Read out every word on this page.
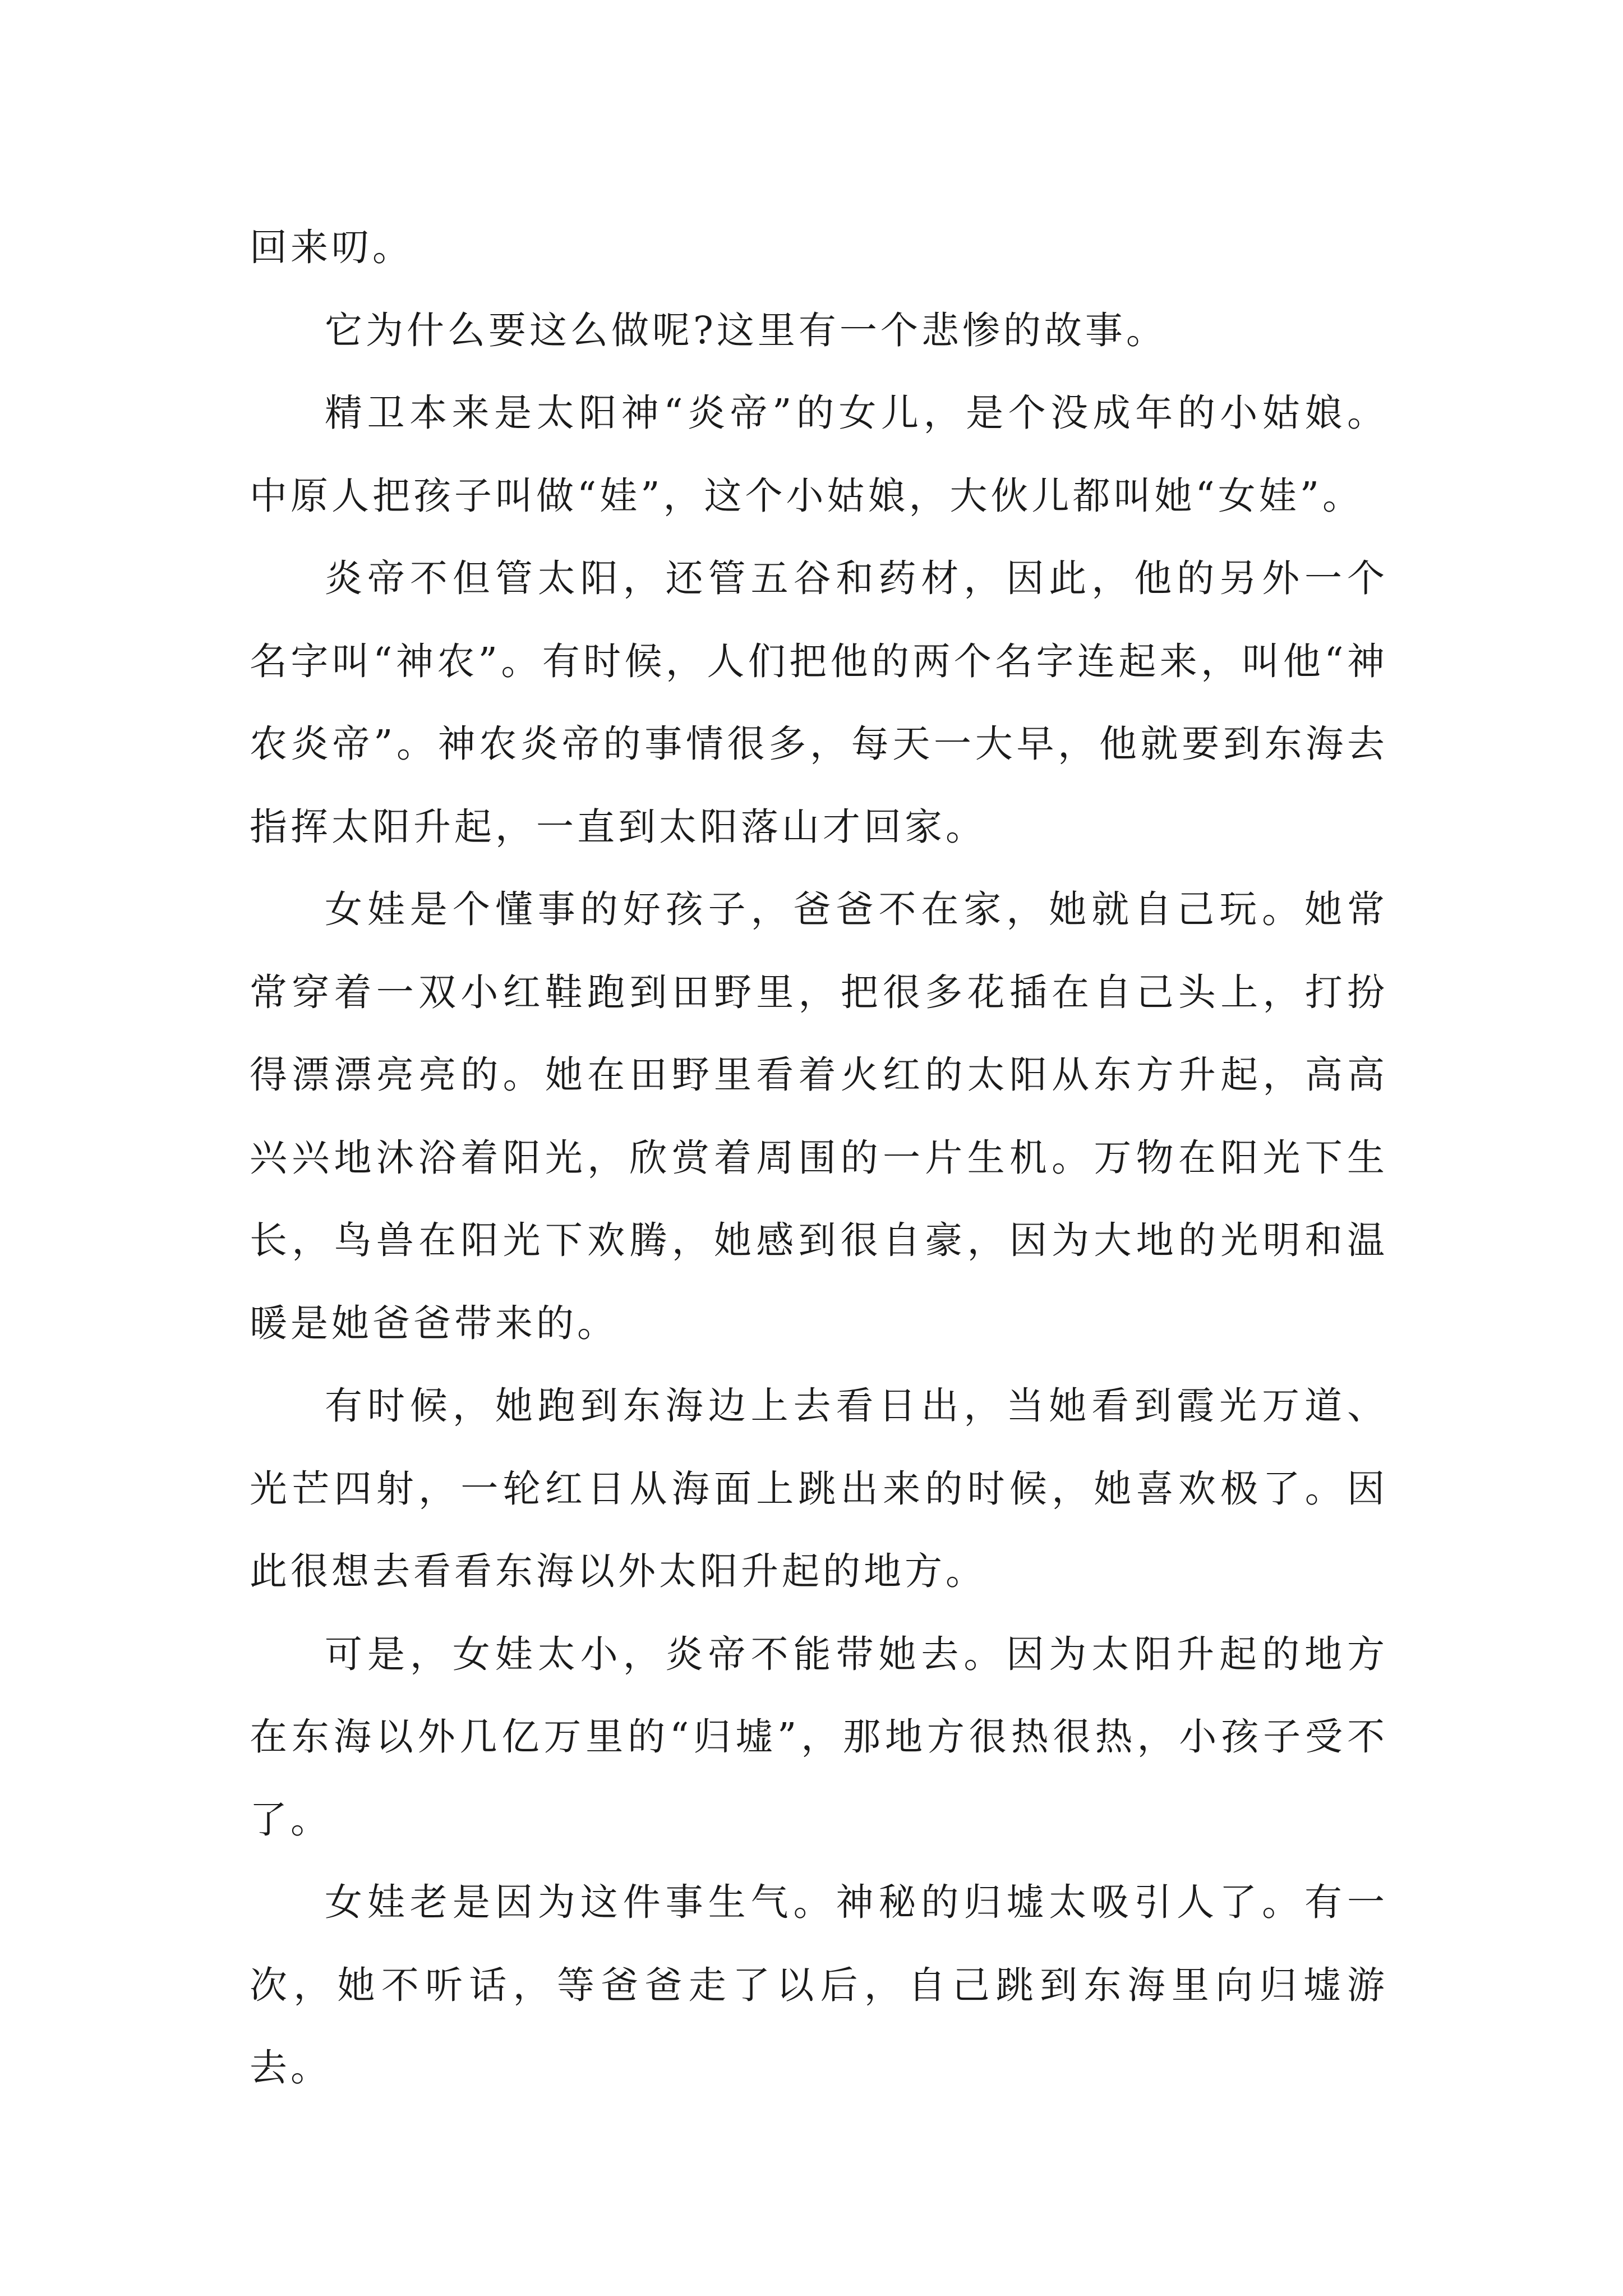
回来叨。

它为什么要这么做呢?这里有一个悲惨的故事。

精卫本来是太阳神“炎帝”的女儿，是个没成年的小姑娘。中原人把孩子叫做“娃”，这个小姑娘，大伙儿都叫她“女娃”。

炎帝不但管太阳，还管五谷和药材，因此，他的另外一个名字叫“神农”。有时候，人们把他的两个名字连起来，叫他“神农炎帝”。神农炎帝的事情很多，每天一大早，他就要到东海去指挥太阳升起，一直到太阳落山才回家。

女娃是个懂事的好孩子，爸爸不在家，她就自己玩。她常常穿着一双小红鞋跑到田野里，把很多花插在自己头上，打扮得漂漂亮亮的。她在田野里看着火红的太阳从东方升起，高高兴兴地沐浴着阳光，欣赏着周围的一片生机。万物在阳光下生长，鸟兽在阳光下欢腾，她感到很自豪，因为大地的光明和温暖是她爸爸带来的。

有时候，她跑到东海边上去看日出，当她看到霞光万道、光芒四射，一轮红日从海面上跳出来的时候，她喜欢极了。因此很想去看看东海以外太阳升起的地方。

可是，女娃太小，炎帝不能带她去。因为太阳升起的地方在东海以外几亿万里的“归墟”，那地方很热很热，小孩子受不了。

女娃老是因为这件事生气。神秘的归墟太吸引人了。有一次，她不听话，等爸爸走了以后，自己跳到东海里向归墟游去。
